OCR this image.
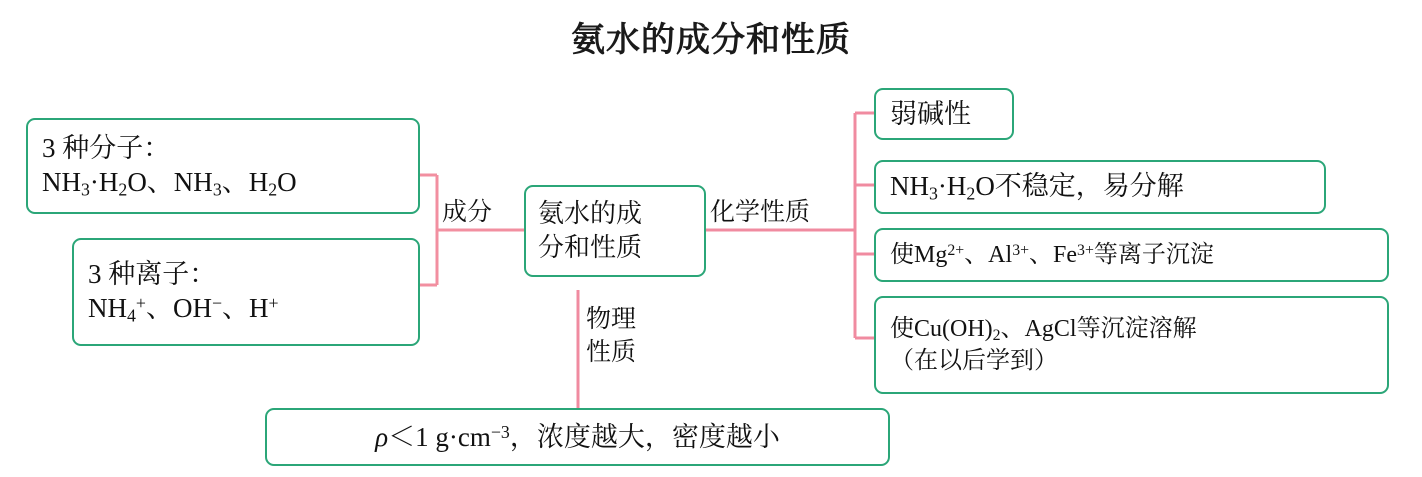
氨水的成分和性质
氨水的成
分和性质
成分	化学性质
物理
性质
3 种分子：
$NH_3\cdot H_2O$、$NH_3$、$H_2O$
3 种离子：
$NH_4^+$、OH−、H+
弱碱性
$NH_3\cdot H_2O$不稳定，易分解
使$Mg^{2+}$、$Al^{3+}$、$Fe^{3+}$等离子沉淀
使$Cu(OH)_2$、AgCl等沉淀溶解
（在以后学到）
ρ＜1 $g\cdot cm^{-3}$，浓度越大，密度越小
